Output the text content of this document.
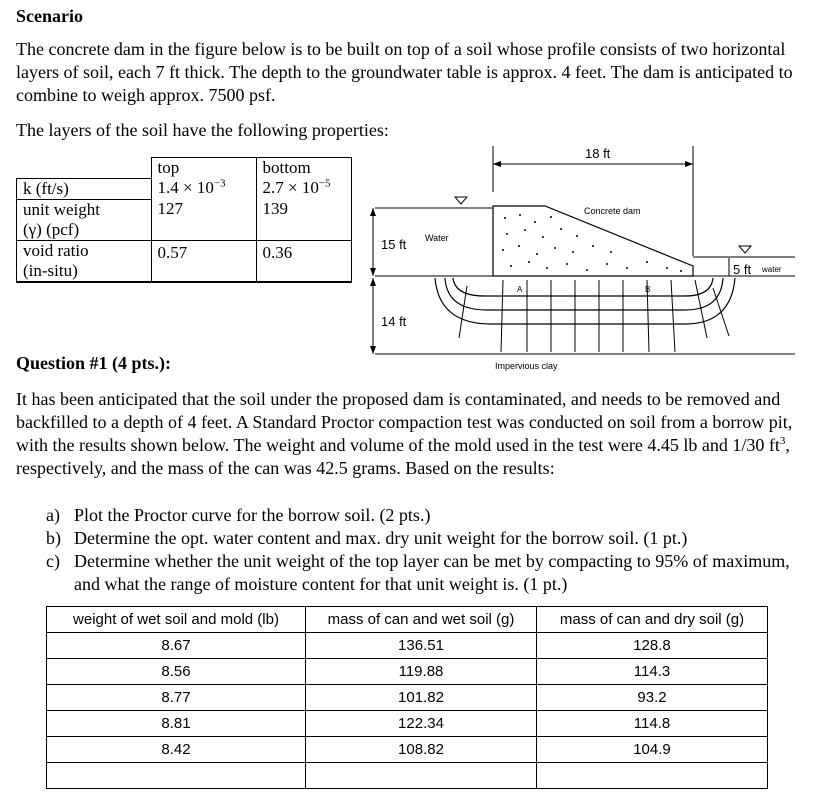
Scenario
The concrete dam in the figure below is to be built on top of a soil whose profile consists of two horizontal layers of soil, each 7 ft thick. The depth to the groundwater table is approx. 4 feet. The dam is anticipated to combine to weigh approx. 7500 psf.
The layers of the soil have the following properties:
	top	bottom
k (ft/s)	$1.4 \times 10^{-3}$	$2.7 \times 10^{-5}$

unit weight
(γ) (pcf)	127	139

void ratio
(in-situ)	0.57	0.36
18 ft
Concrete dam
15 ft Water
5 ft water
14 ft
Impervious clay
A	B
Question #1 (4 pts.):
It has been anticipated that the soil under the proposed dam is contaminated, and needs to be removed and backfilled to a depth of 4 feet. A Standard Proctor compaction test was conducted on soil from a borrow pit, with the results shown below. The weight and volume of the mold used in the test were 4.45 lb and 1/30 $ft^3$, respectively, and the mass of the can was 42.5 grams. Based on the results:
a) Plot the Proctor curve for the borrow soil. (2 pts.)
b) Determine the opt. water content and max. dry unit weight for the borrow soil. (1 pt.)
c) Determine whether the unit weight of the top layer can be met by compacting to 95% of maximum, and what the range of moisture content for that unit weight is. (1 pt.)
weight of wet soil and mold (lb)	mass of can and wet soil (g)	mass of can and dry soil (g)
8.67	136.51	128.8
8.56	119.88	114.3
8.77	101.82	93.2
8.81	122.34	114.8
8.42	108.82	104.9
